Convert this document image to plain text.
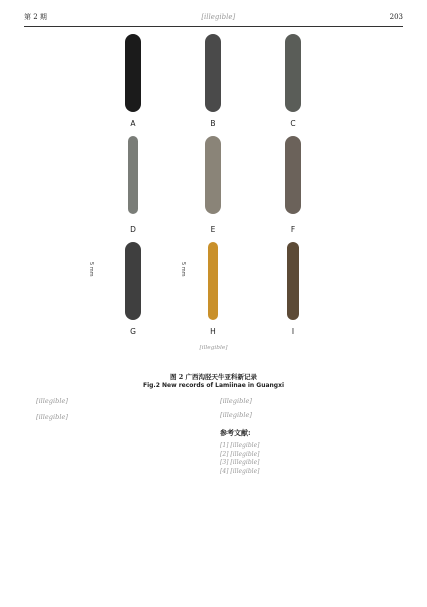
第 2 期	[illegible]	203
A	B	C
D	E	F
5 mm
G
5 mm
H	I
[illegible]
图 2 广西沟胫天牛亚科新记录
Fig.2 New records of Lamiinae in Guangxi

[illegible]

[illegible]

[illegible]

[illegible]

参考文献:
[1] [illegible]
[2] [illegible]
[3] [illegible]
[4] [illegible]
